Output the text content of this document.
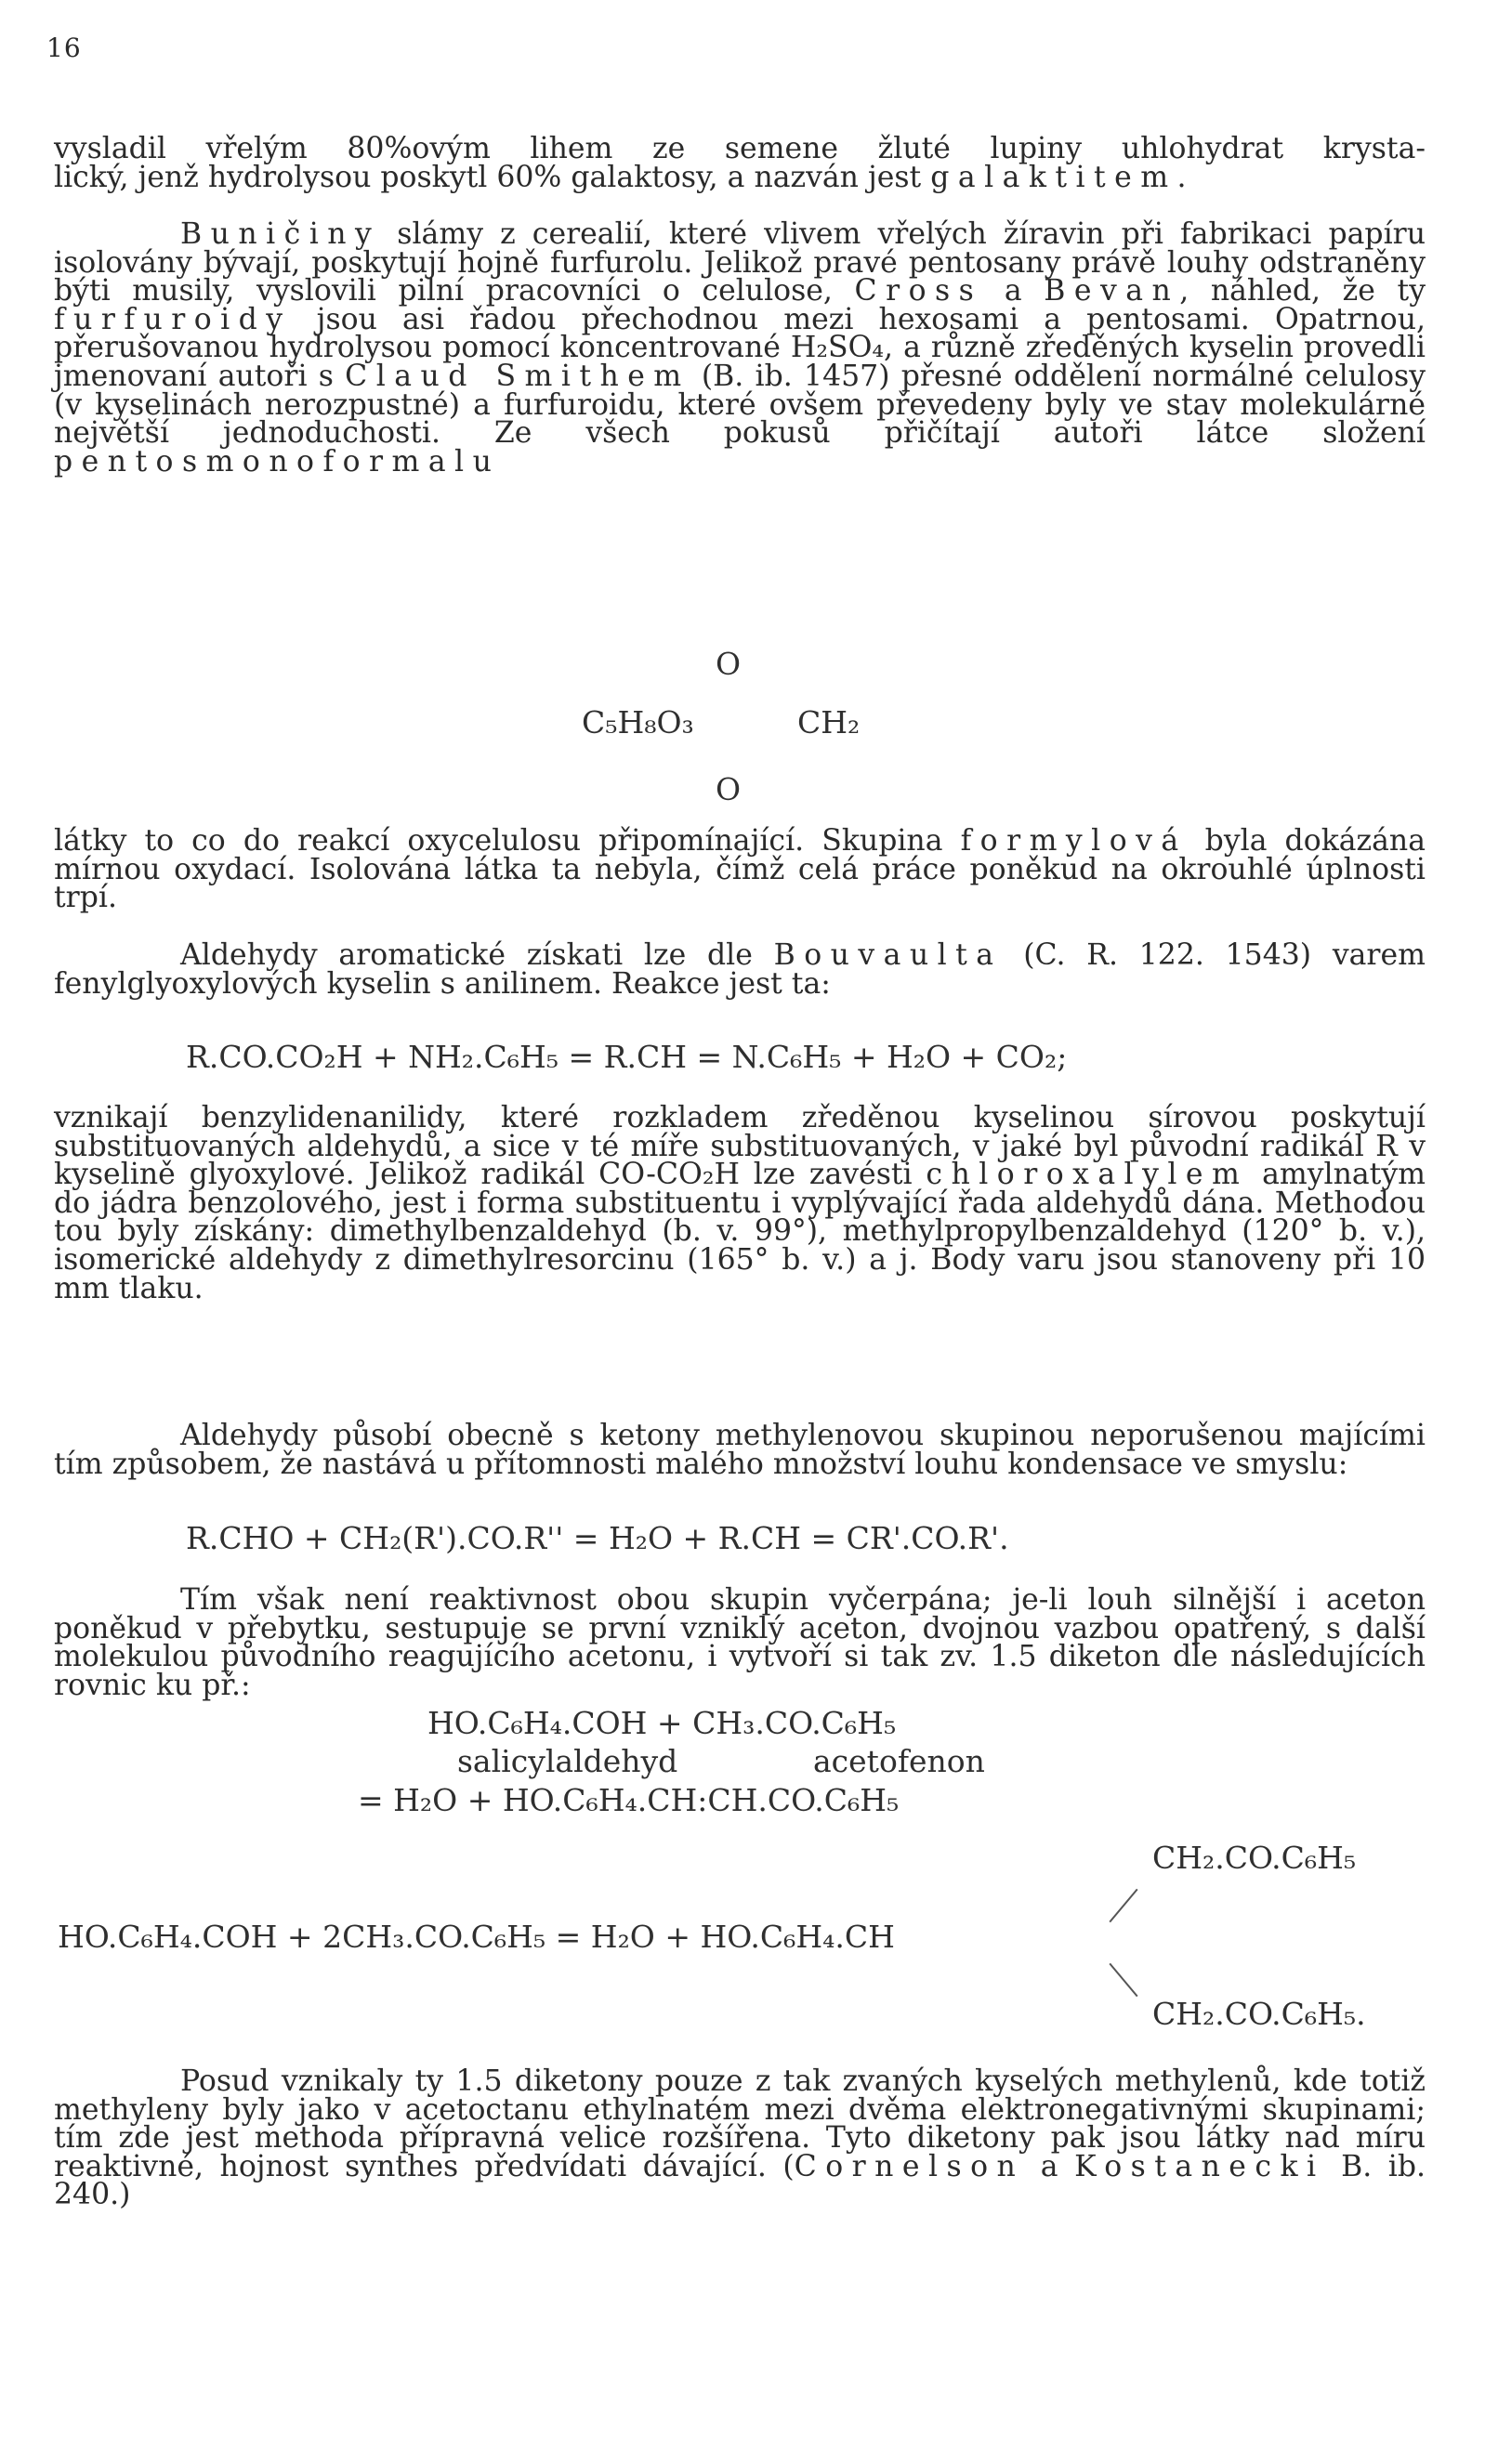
16

vysladil vřelým 80%ovým lihem ze semene žluté lupiny uhlohydrat krysta-

lický, jenž hydrolysou poskytl 60% galaktosy, a nazván jest galaktitem.

Buničiny slámy z cerealií, které vlivem vřelých žíravin při fabrikaci papíru isolovány bývají, poskytují hojně furfurolu. Jelikož pravé pentosany právě louhy odstraněny býti musily, vyslovili pilní pracovníci o celulose, Cross a Bevan, náhled, že ty furfuroidy jsou asi řadou přechodnou mezi hexosami a pentosami. Opatrnou, přerušovanou hydrolysou pomocí koncentrované H₂SO₄, a různě zředěných kyselin provedli jmenovaní autoři s Claud Smithem (B. ib. 1457) přesné oddělení normálné celulosy (v kyselinách nerozpustné) a furfuroidu, které ovšem převedeny byly ve stav molekulárné největší jednoduchosti. Ze všech pokusů přičítají autoři látce složení pentosmonoformalu

O
C₅H₈O₃	CH₂
O

látky to co do reakcí oxycelulosu připomínající. Skupina formylová byla dokázána mírnou oxydací. Isolována látka ta nebyla, čímž celá práce poněkud na okrouhlé úplnosti trpí.

Aldehydy aromatické získati lze dle Bouvaulta (C. R. 122. 1543) varem fenylglyoxylových kyselin s anilinem. Reakce jest ta:

R.CO.CO₂H + NH₂.C₆H₅ = R.CH = N.C₆H₅ + H₂O + CO₂;

vznikají benzylidenanilidy, které rozkladem zředěnou kyselinou sírovou poskytují substituovaných aldehydů, a sice v té míře substituovaných, v jaké byl původní radikál R v kyselině glyoxylové. Jelikož radikál CO-CO₂H lze zavésti chloroxalylem amylnatým do jádra benzolového, jest i forma substituentu i vyplývající řada aldehydů dána. Methodou tou byly získány: dimethylbenzaldehyd (b. v. 99°), methylpropylbenzaldehyd (120° b. v.), isomerické aldehydy z dimethylresorcinu (165° b. v.) a j. Body varu jsou stanoveny při 10 mm tlaku.

Aldehydy působí obecně s ketony methylenovou skupinou neporušenou majícími tím způsobem, že nastává u přítomnosti malého množství louhu kondensace ve smyslu:

R.CHO + CH₂(R').CO.R'' = H₂O + R.CH = CR'.CO.R'.

Tím však není reaktivnost obou skupin vyčerpána; je-li louh silnější i aceton poněkud v přebytku, sestupuje se první vzniklý aceton, dvojnou vazbou opatřený, s další molekulou původního reagujícího acetonu, i vytvoří si tak zv. 1.5 diketon dle následujících rovnic ku př.:

HO.C₆H₄.COH + CH₃.CO.C₆H₅
salicylaldehyd	acetofenon
= H₂O + HO.C₆H₄.CH:CH.CO.C₆H₅
CH₂.CO.C₆H₅
HO.C₆H₄.COH + 2CH₃.CO.C₆H₅ = H₂O + HO.C₆H₄.CH
CH₂.CO.C₆H₅.

Posud vznikaly ty 1.5 diketony pouze z tak zvaných kyselých methylenů, kde totiž methyleny byly jako v acetoctanu ethylnatém mezi dvěma elektronegativnými skupinami; tím zde jest methoda přípravná velice rozšířena. Tyto diketony pak jsou látky nad míru reaktivné, hojnost synthes předvídati dávající. (Cornelson a Kostanecki B. ib. 240.)
